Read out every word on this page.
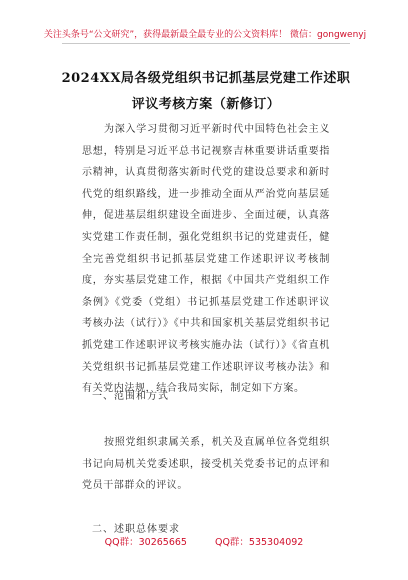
关注头条号“公文研究”，获得最新最全最专业的公文资料库！ 微信：gongwenyj
2024XX局各级党组织书记抓基层党建工作述职评议考核方案（新修订）
为深入学习贯彻习近平新时代中国特色社会主义思想，特别是习近平总书记视察吉林重要讲话重要指示精神，认真贯彻落实新时代党的建设总要求和新时代党的组织路线，进一步推动全面从严治党向基层延伸，促进基层组织建设全面进步、全面过硬，认真落实党建工作责任制，强化党组织书记的党建责任，健全完善党组织书记抓基层党建工作述职评议考核制度，夯实基层党建工作，根据《中国共产党组织工作条例》《党委（党组）书记抓基层党建工作述职评议考核办法（试行）》《中共和国家机关基层党组织书记抓党建工作述职评议考核实施办法（试行）》《省直机关党组织书记抓基层党建工作述职评议考核办法》和有关党内法规，结合我局实际，制定如下方案。
一、范围和方式
按照党组织隶属关系，机关及直属单位各党组织书记向局机关党委述职，接受机关党委书记的点评和党员干部群众的评议。
二、述职总体要求
QQ群：30265665	QQ群：535304092
